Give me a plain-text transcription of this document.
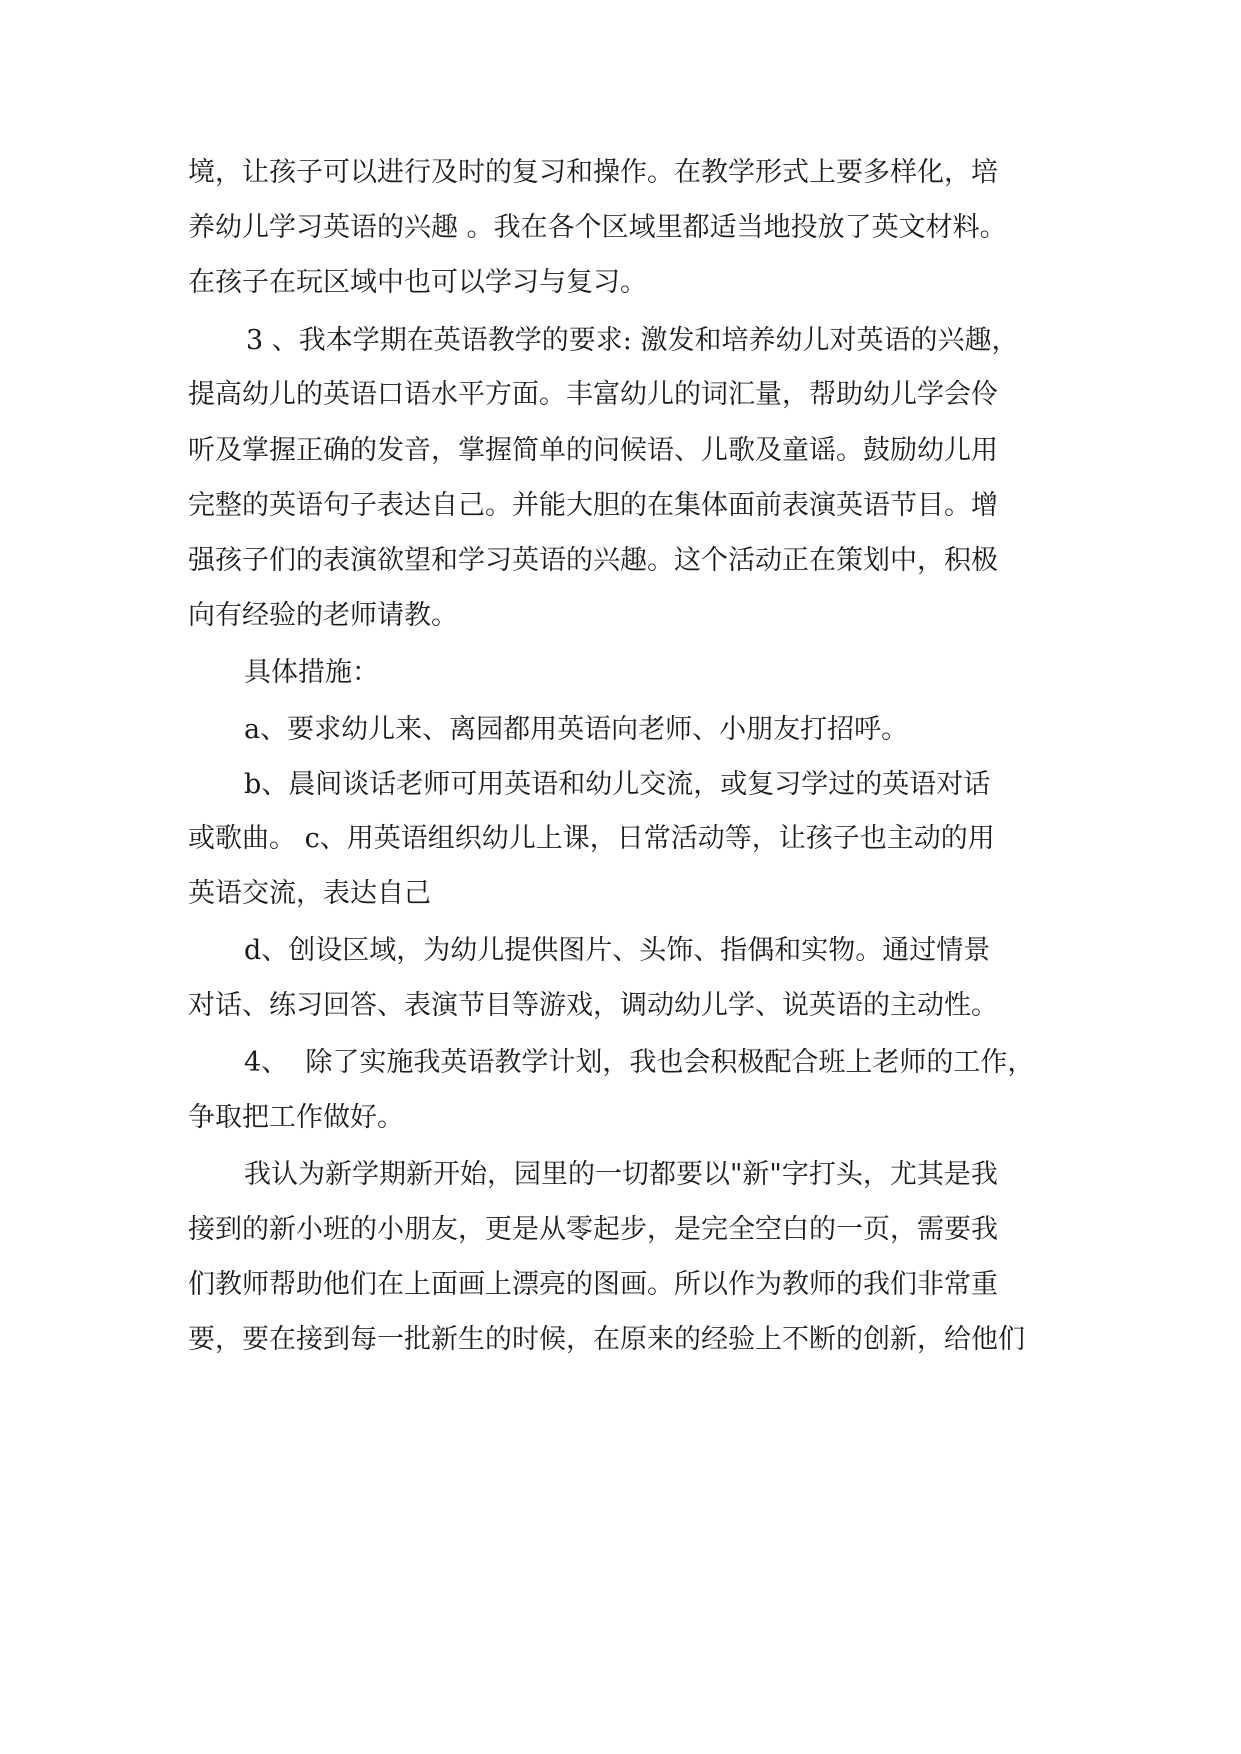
境，让孩子可以进行及时的复习和操作。在教学形式上要多样化，培
养幼儿学习英语的兴趣 。我在各个区域里都适当地投放了英文材料。
在孩子在玩区域中也可以学习与复习。
3 、我本学期在英语教学的要求: 激发和培养幼儿对英语的兴趣，
提高幼儿的英语口语水平方面。丰富幼儿的词汇量，帮助幼儿学会伶
听及掌握正确的发音，掌握简单的问候语、儿歌及童谣。鼓励幼儿用
完整的英语句子表达自己。并能大胆的在集体面前表演英语节目。增
强孩子们的表演欲望和学习英语的兴趣。这个活动正在策划中，积极
向有经验的老师请教。
具体措施：
a、要求幼儿来、离园都用英语向老师、小朋友打招呼。
b、晨间谈话老师可用英语和幼儿交流，或复习学过的英语对话
或歌曲。 c、用英语组织幼儿上课，日常活动等，让孩子也主动的用
英语交流，表达自己
d、创设区域，为幼儿提供图片、头饰、指偶和实物。通过情景
对话、练习回答、表演节目等游戏，调动幼儿学、说英语的主动性。
4、  除了实施我英语教学计划，我也会积极配合班上老师的工作，
争取把工作做好。
我认为新学期新开始，园里的一切都要以"新"字打头，尤其是我
接到的新小班的小朋友，更是从零起步，是完全空白的一页，需要我
们教师帮助他们在上面画上漂亮的图画。所以作为教师的我们非常重
要，要在接到每一批新生的时候，在原来的经验上不断的创新，给他们
